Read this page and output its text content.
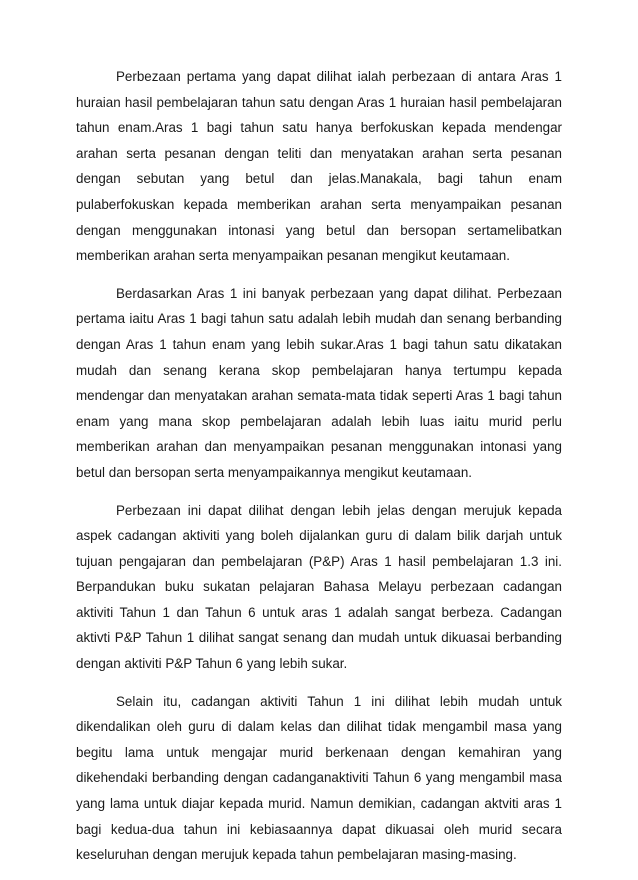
Perbezaan pertama yang dapat dilihat ialah perbezaan di antara Aras 1 huraian hasil pembelajaran tahun satu dengan Aras 1 huraian hasil pembelajaran tahun enam.Aras 1 bagi tahun satu hanya berfokuskan kepada mendengar arahan serta pesanan dengan teliti dan menyatakan arahan serta pesanan dengan sebutan yang betul dan jelas.Manakala, bagi tahun enam pulaberfokuskan kepada memberikan arahan serta menyampaikan pesanan dengan menggunakan intonasi yang betul dan bersopan sertamelibatkan memberikan arahan serta menyampaikan pesanan mengikut keutamaan.

Berdasarkan Aras 1 ini banyak perbezaan yang dapat dilihat. Perbezaan pertama iaitu Aras 1 bagi tahun satu adalah lebih mudah dan senang berbanding dengan Aras 1 tahun enam yang lebih sukar.Aras 1 bagi tahun satu dikatakan mudah dan senang kerana skop pembelajaran hanya tertumpu kepada mendengar dan menyatakan arahan semata-mata tidak seperti Aras 1 bagi tahun enam yang mana skop pembelajaran adalah lebih luas iaitu murid perlu memberikan arahan dan menyampaikan pesanan menggunakan intonasi yang betul dan bersopan serta menyampaikannya mengikut keutamaan.

Perbezaan ini dapat dilihat dengan lebih jelas dengan merujuk kepada aspek cadangan aktiviti yang boleh dijalankan guru di dalam bilik darjah untuk tujuan pengajaran dan pembelajaran (P&P) Aras 1 hasil pembelajaran 1.3 ini. Berpandukan buku sukatan pelajaran Bahasa Melayu perbezaan cadangan aktiviti Tahun 1 dan Tahun 6 untuk aras 1 adalah sangat berbeza. Cadangan aktivti P&P Tahun 1 dilihat sangat senang dan mudah untuk dikuasai berbanding dengan aktiviti P&P Tahun 6 yang lebih sukar.

Selain itu, cadangan aktiviti Tahun 1 ini dilihat lebih mudah untuk dikendalikan oleh guru di dalam kelas dan dilihat tidak mengambil masa yang begitu lama untuk mengajar murid berkenaan dengan kemahiran yang dikehendaki berbanding dengan cadanganaktiviti Tahun 6 yang mengambil masa yang lama untuk diajar kepada murid. Namun demikian, cadangan aktviti aras 1 bagi kedua-dua tahun ini kebiasaannya dapat dikuasai oleh murid secara keseluruhan dengan merujuk kepada tahun pembelajaran masing-masing.
